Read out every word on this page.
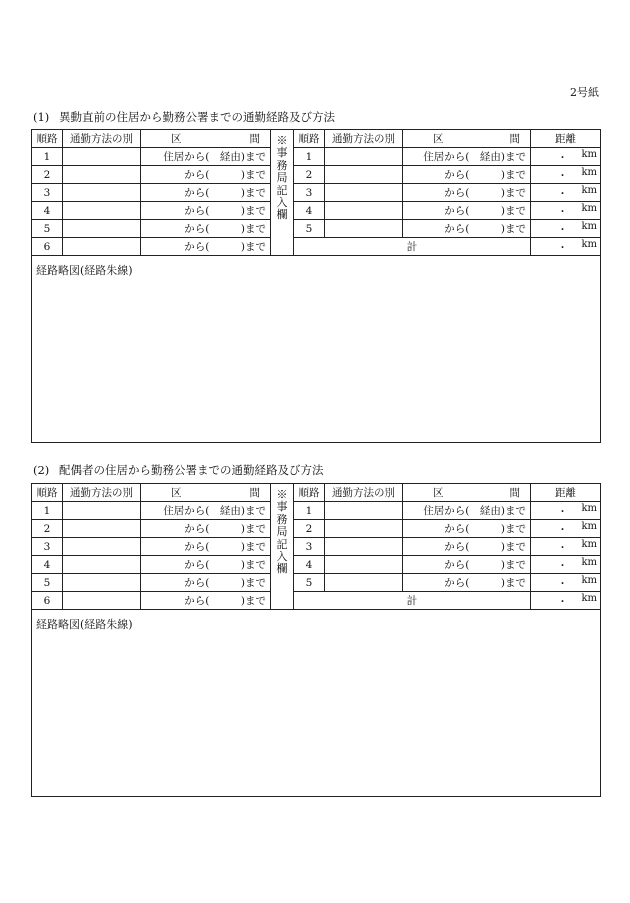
2号紙
(1) 異動直前の住居から勤務公署までの通勤経路及び方法
順路	通勤方法の別	区 間	※事務局記入欄	順路	通勤方法の別	区 間	距離
1		住居から(　経由)まで		1		住居から(　経由)まで	・ km

2		から(　　　)まで		2		から(　　　)まで	・ km

3		から(　　　)まで		3		から(　　　)まで	・ km

4		から(　　　)まで		4		から(　　　)まで	・ km

5		から(　　　)まで		5		から(　　　)まで	・ km

6		から(　　　)まで		計			・ km

経路略図(経路朱線)							
(2) 配偶者の住居から勤務公署までの通勤経路及び方法
順路	通勤方法の別	区 間	※事務局記入欄	順路	通勤方法の別	区 間	距離
1		住居から(　経由)まで		1		住居から(　経由)まで	・ km

2		から(　　　)まで		2		から(　　　)まで	・ km

3		から(　　　)まで		3		から(　　　)まで	・ km

4		から(　　　)まで		4		から(　　　)まで	・ km

5		から(　　　)まで		5		から(　　　)まで	・ km

6		から(　　　)まで		計			・ km

経路略図(経路朱線)							
